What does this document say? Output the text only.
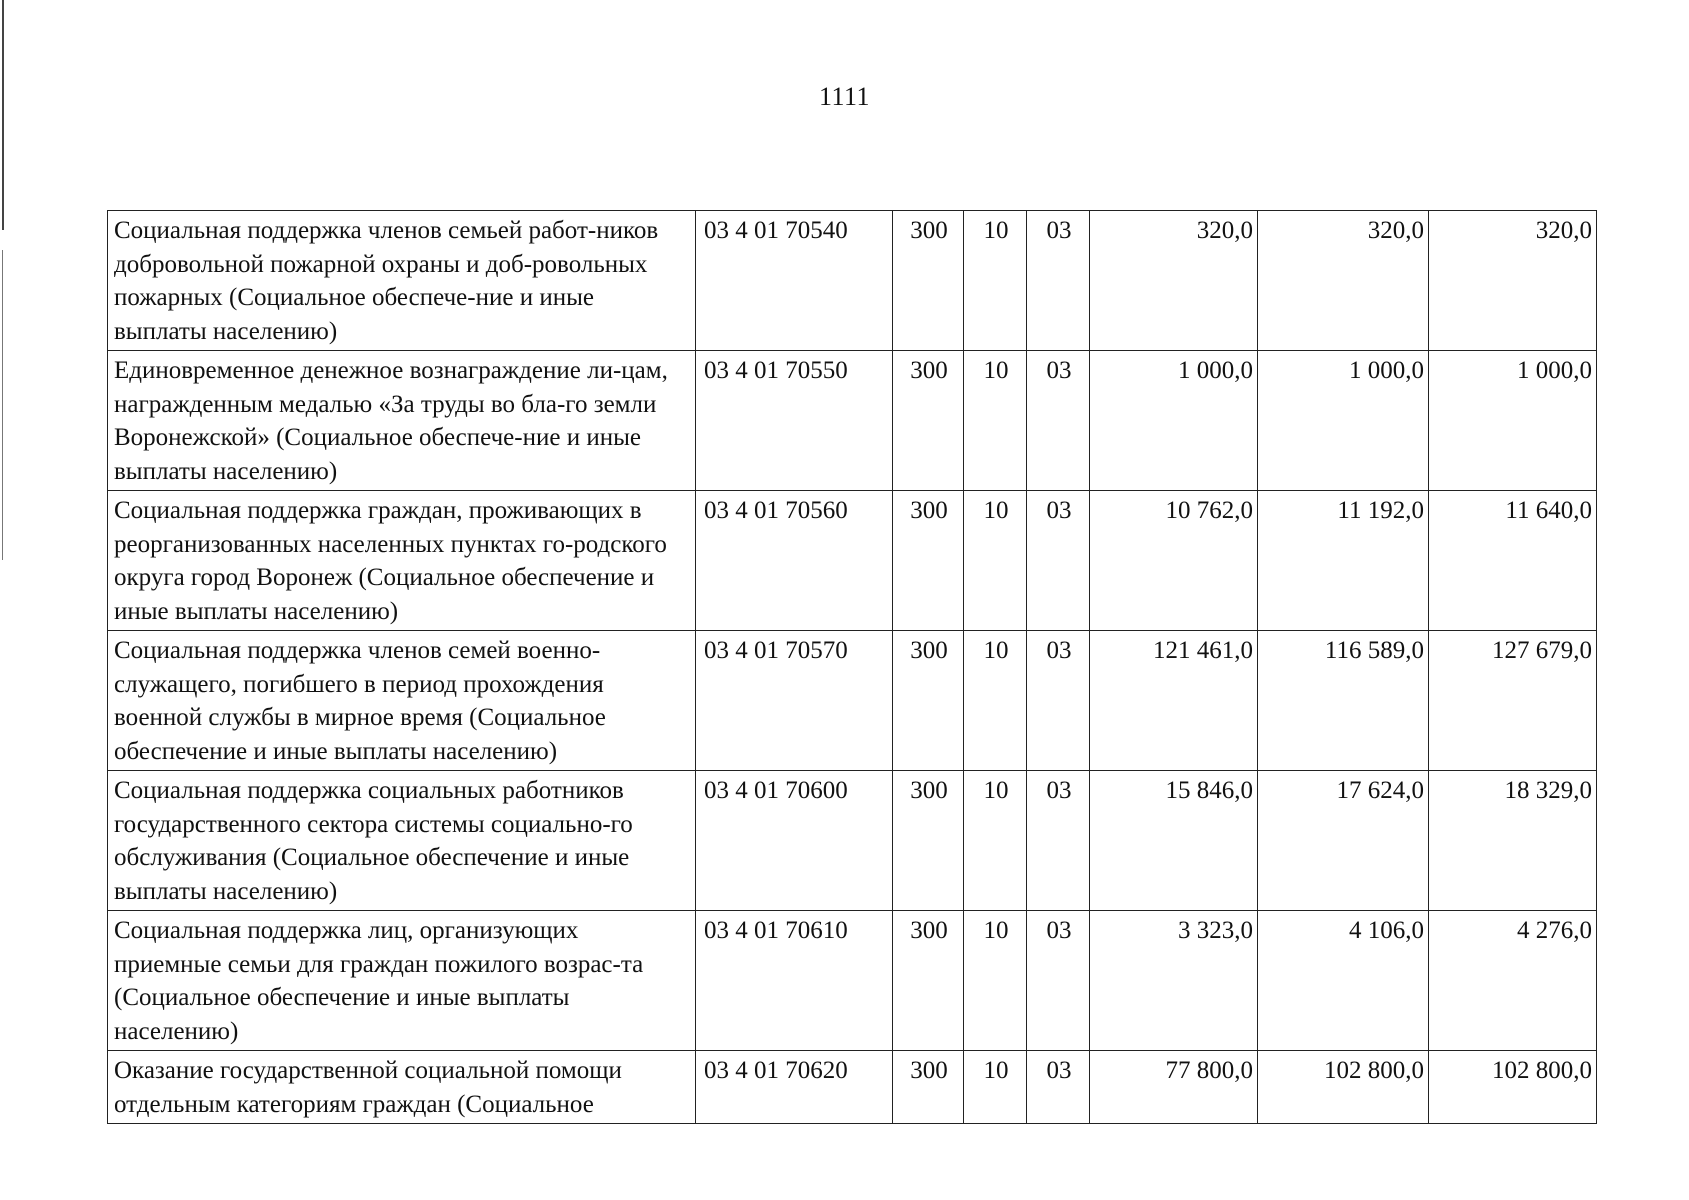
1111
Социальная поддержка членов семьей работ-ников добровольной пожарной охраны и доб-ровольных пожарных (Социальное обеспече-ние и иные выплаты населению)	03 4 01 70540	300	10	03	320,0	320,0	320,0
Единовременное денежное вознаграждение ли-цам, награжденным медалью «За труды во бла-го земли Воронежской» (Социальное обеспече-ние и иные выплаты населению)	03 4 01 70550	300	10	03	1 000,0	1 000,0	1 000,0
Социальная поддержка граждан, проживающих в реорганизованных населенных пунктах го-родского округа город Воронеж (Социальное обеспечение и иные выплаты населению)	03 4 01 70560	300	10	03	10 762,0	11 192,0	11 640,0
Социальная поддержка членов семей военно-служащего, погибшего в период прохождения военной службы в мирное время (Социальное обеспечение и иные выплаты населению)	03 4 01 70570	300	10	03	121 461,0	116 589,0	127 679,0
Социальная поддержка социальных работников государственного сектора системы социально-го обслуживания (Социальное обеспечение и иные выплаты населению)	03 4 01 70600	300	10	03	15 846,0	17 624,0	18 329,0
Социальная поддержка лиц, организующих приемные семьи для граждан пожилого возрас-та (Социальное обеспечение и иные выплаты населению)	03 4 01 70610	300	10	03	3 323,0	4 106,0	4 276,0
Оказание государственной социальной помощи отдельным категориям граждан (Социальное	03 4 01 70620	300	10	03	77 800,0	102 800,0	102 800,0
